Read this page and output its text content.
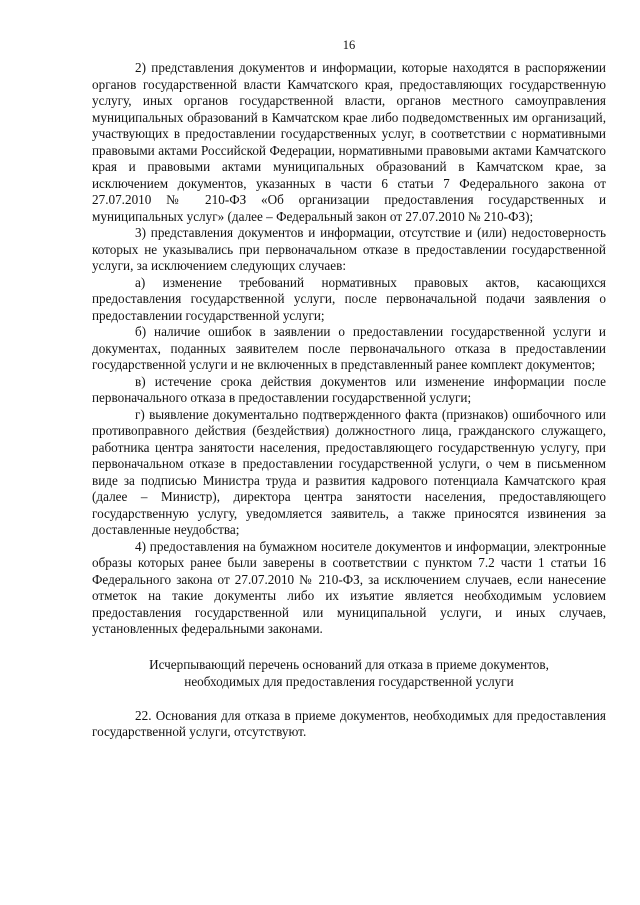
16

2) представления документов и информации, которые находятся в распоряжении органов государственной власти Камчатского края, предоставляющих государственную услугу, иных органов государственной власти, органов местного самоуправления муниципальных образований в Камчатском крае либо подведомственных им организаций, участвующих в предоставлении государственных услуг, в соответствии с нормативными правовыми актами Российской Федерации, нормативными правовыми актами Камчатского края и правовыми актами муниципальных образований в Камчатском крае, за исключением документов, указанных в части 6 статьи 7 Федерального закона от 27.07.2010 № 210-ФЗ «Об организации предоставления государственных и муниципальных услуг» (далее – Федеральный закон от 27.07.2010 № 210-ФЗ);

3) представления документов и информации, отсутствие и (или) недостоверность которых не указывались при первоначальном отказе в предоставлении государственной услуги, за исключением следующих случаев:

а) изменение требований нормативных правовых актов, касающихся предоставления государственной услуги, после первоначальной подачи заявления о предоставлении государственной услуги;

б) наличие ошибок в заявлении о предоставлении государственной услуги и документах, поданных заявителем после первоначального отказа в предоставлении государственной услуги и не включенных в представленный ранее комплект документов;

в) истечение срока действия документов или изменение информации после первоначального отказа в предоставлении государственной услуги;

г) выявление документально подтвержденного факта (признаков) ошибочного или противоправного действия (бездействия) должностного лица, гражданского служащего, работника центра занятости населения, предоставляющего государственную услугу, при первоначальном отказе в предоставлении государственной услуги, о чем в письменном виде за подписью Министра труда и развития кадрового потенциала Камчатского края (далее – Министр), директора центра занятости населения, предоставляющего государственную услугу, уведомляется заявитель, а также приносятся извинения за доставленные неудобства;

4) предоставления на бумажном носителе документов и информации, электронные образы которых ранее были заверены в соответствии с пунктом 7.2 части 1 статьи 16 Федерального закона от 27.07.2010 № 210-ФЗ, за исключением случаев, если нанесение отметок на такие документы либо их изъятие является необходимым условием предоставления государственной или муниципальной услуги, и иных случаев, установленных федеральными законами.

Исчерпывающий перечень оснований для отказа в приеме документов,
необходимых для предоставления государственной услуги

22. Основания для отказа в приеме документов, необходимых для предоставления государственной услуги, отсутствуют.
